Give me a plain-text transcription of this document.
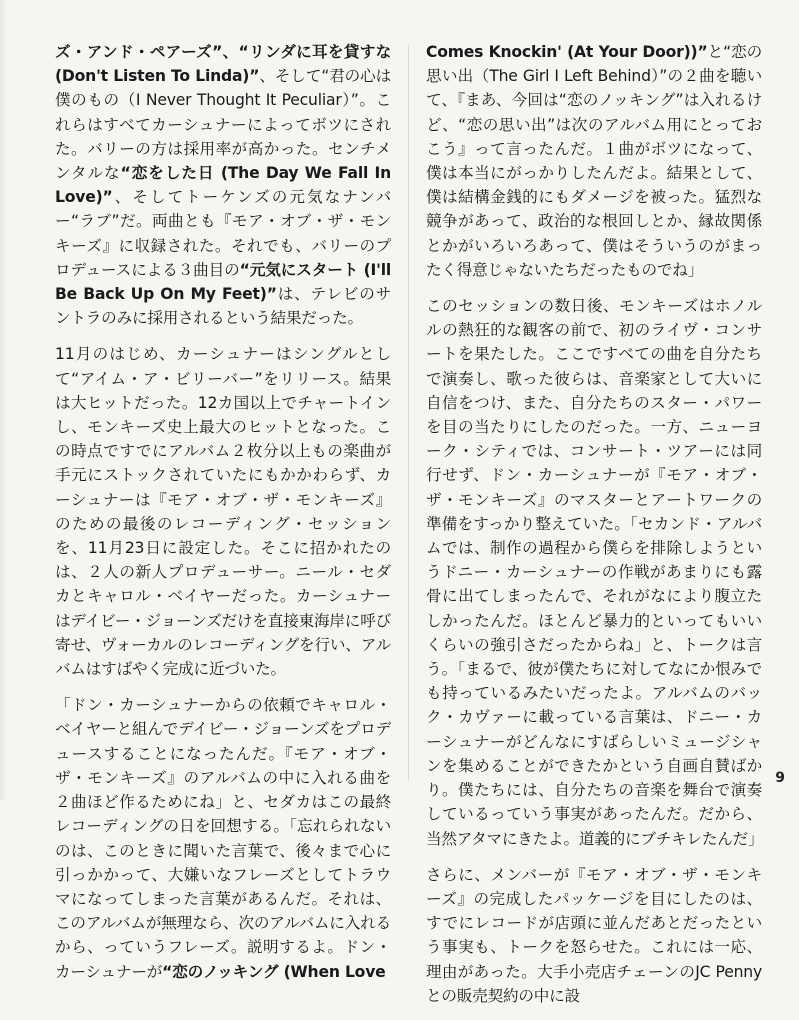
ズ・アンド・ペアーズ”、“リンダに耳を貸すな (Don't Listen To Linda)”、そして“君の心は僕のもの（I Never Thought It Peculiar）”。これらはすべてカーシュナーによってボツにされた。バリーの方は採用率が高かった。センチメンタルな“恋をした日 (The Day We Fall In Love)”、そしてトーケンズの元気なナンバー“ラブ”だ。両曲とも『モア・オブ・ザ・モンキーズ』に収録された。それでも、バリーのプロデュースによる３曲目の“元気にスタート (I'll Be Back Up On My Feet)”は、テレビのサントラのみに採用されるという結果だった。

11月のはじめ、カーシュナーはシングルとして“アイム・ア・ビリーバー”をリリース。結果は大ヒットだった。12カ国以上でチャートインし、モンキーズ史上最大のヒットとなった。この時点ですでにアルバム２枚分以上もの楽曲が手元にストックされていたにもかかわらず、カーシュナーは『モア・オブ・ザ・モンキーズ』のための最後のレコーディング・セッションを、11月23日に設定した。そこに招かれたのは、２人の新人プロデューサー。ニール・セダカとキャロル・ベイヤーだった。カーシュナーはデイビー・ジョーンズだけを直接東海岸に呼び寄せ、ヴォーカルのレコーディングを行い、アルバムはすばやく完成に近づいた。

「ドン・カーシュナーからの依頼でキャロル・ベイヤーと組んでデイビー・ジョーンズをプロデュースすることになったんだ。『モア・オブ・ザ・モンキーズ』のアルバムの中に入れる曲を２曲ほど作るためにね」と、セダカはこの最終レコーディングの日を回想する。「忘れられないのは、このときに聞いた言葉で、後々まで心に引っかかって、大嫌いなフレーズとしてトラウマになってしまった言葉があるんだ。それは、このアルバムが無理なら、次のアルバムに入れるから、っていうフレーズ。説明するよ。ドン・カーシュナーが“恋のノッキング (When Love

Comes Knockin' (At Your Door))”と“恋の思い出（The Girl I Left Behind）”の２曲を聴いて、『まあ、今回は“恋のノッキング”は入れるけど、“恋の思い出”は次のアルバム用にとっておこう』って言ったんだ。１曲がボツになって、僕は本当にがっかりしたんだよ。結果として、僕は結構金銭的にもダメージを被った。猛烈な競争があって、政治的な根回しとか、縁故関係とかがいろいろあって、僕はそういうのがまったく得意じゃないたちだったものでね」

このセッションの数日後、モンキーズはホノルルの熱狂的な観客の前で、初のライヴ・コンサートを果たした。ここですべての曲を自分たちで演奏し、歌った彼らは、音楽家として大いに自信をつけ、また、自分たちのスター・パワーを目の当たりにしたのだった。一方、ニューヨーク・シティでは、コンサート・ツアーには同行せず、ドン・カーシュナーが『モア・オブ・ザ・モンキーズ』のマスターとアートワークの準備をすっかり整えていた。「セカンド・アルバムでは、制作の過程から僕らを排除しようというドニー・カーシュナーの作戦があまりにも露骨に出てしまったんで、それがなにより腹立たしかったんだ。ほとんど暴力的といってもいいくらいの強引さだったからね」と、トークは言う。「まるで、彼が僕たちに対してなにか恨みでも持っているみたいだったよ。アルバムのバック・カヴァーに載っている言葉は、ドニー・カーシュナーがどんなにすばらしいミュージシャンを集めることができたかという自画自賛ばかり。僕たちには、自分たちの音楽を舞台で演奏しているっていう事実があったんだ。だから、当然アタマにきたよ。道義的にブチキレたんだ」

さらに、メンバーが『モア・オブ・ザ・モンキーズ』の完成したパッケージを目にしたのは、すでにレコードが店頭に並んだあとだったという事実も、トークを怒らせた。これには一応、理由があった。大手小売店チェーンのJC Pennyとの販売契約の中に設

9
